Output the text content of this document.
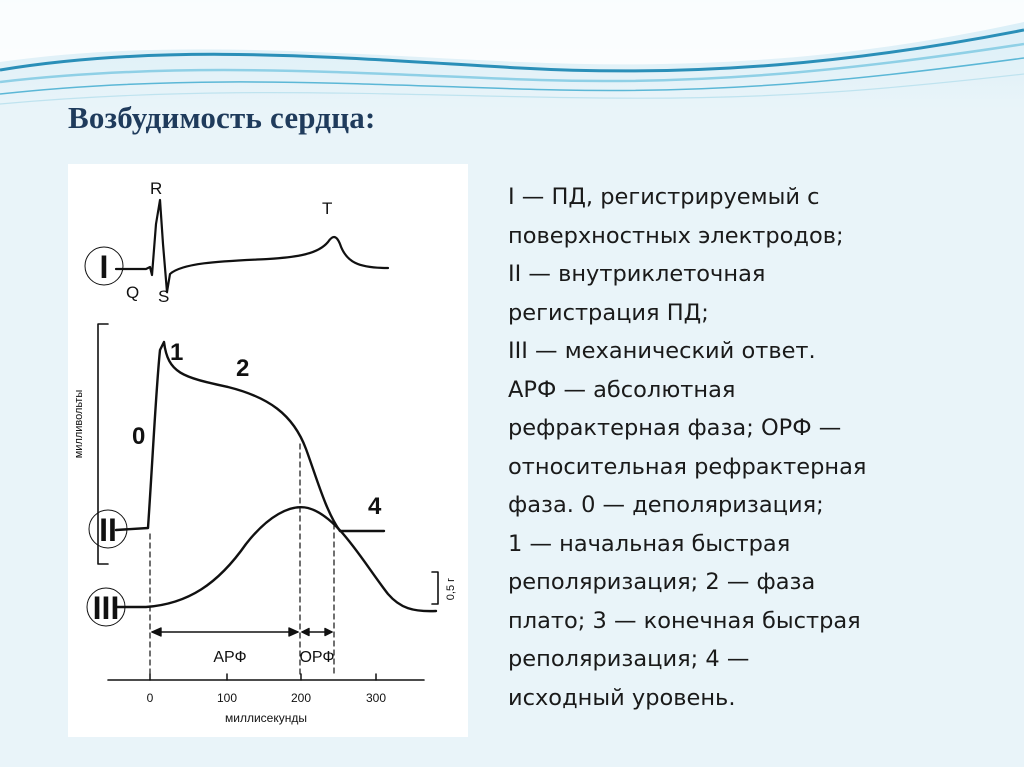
Возбудимость сердца:
I
II
III
R
Q S
T
0
1
2
4
милливольты
0,5 г
АРФ	ОРФ
0	100	200	300
миллисекунды
I — ПД, регистрируемый с
поверхностных электродов;
II — внутриклеточная
регистрация ПД;
III — механический ответ.
АРФ — абсолютная
рефрактерная фаза; ОРФ —
относительная рефрактерная
фаза. 0 — деполяризация;
1 — начальная быстрая
реполяризация; 2 — фаза
плато; 3 — конечная быстрая
реполяризация; 4 —
исходный уровень.
